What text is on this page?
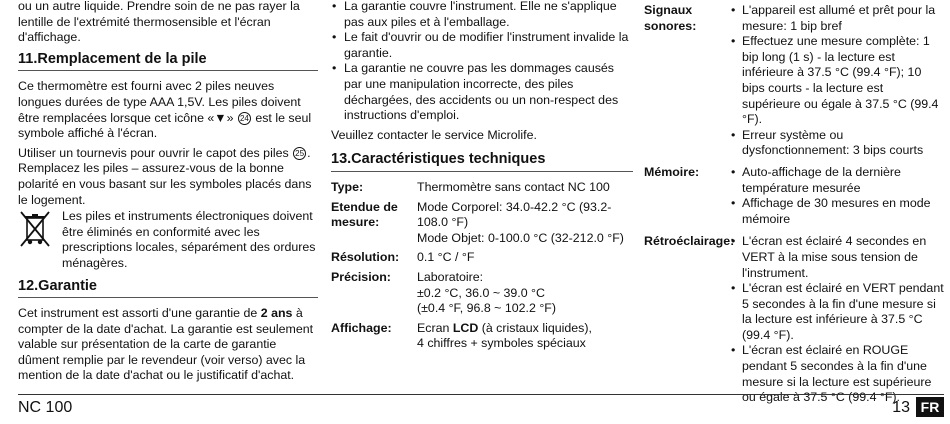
ou un autre liquide. Prendre soin de ne pas rayer la lentille de l'extrémité thermosensible et l'écran d'affichage.

11.Remplacement de la pile

Ce thermomètre est fourni avec 2 piles neuves longues durées de type AAA 1,5V. Les piles doivent être remplacées lorsque cet icône «▼» 24 est le seul symbole affiché à l'écran.

Utiliser un tournevis pour ouvrir le capot des piles 25 .

Remplacez les piles – assurez-vous de la bonne polarité en vous basant sur les symboles placés dans le logement.

Les piles et instruments électroniques doivent être éliminés en conformité avec les prescriptions locales, séparément des ordures ménagères.

12.Garantie

Cet instrument est assorti d'une garantie de 2 ans à compter de la date d'achat. La garantie est seulement valable sur présentation de la carte de garantie dûment remplie par le revendeur (voir verso) avec la mention de la date d'achat ou le justificatif d'achat.

• La garantie couvre l'instrument. Elle ne s'applique pas aux piles et à l'emballage.
• Le fait d'ouvrir ou de modifier l'instrument invalide la garantie.
• La garantie ne couvre pas les dommages causés par une manipulation incorrecte, des piles déchargées, des accidents ou un non-respect des instructions d'emploi.

Veuillez contacter le service Microlife.

13.Caractéristiques techniques
Type:	Thermomètre sans contact NC 100
Etendue de mesure:
Mode Corporel: 34.0-42.2 °C (93.2-108.0 °F)
Mode Objet: 0-100.0 °C (32-212.0 °F)
Résolution:	0.1 °C / °F
Précision:	Laboratoire:
±0.2 °C, 36.0 ~ 39.0 °C
(±0.4 °F, 96.8 ~ 102.2 °F)
Affichage:	Ecran LCD (à cristaux liquides),
4 chiffres + symboles spéciaux
Signaux sonores:
• L'appareil est allumé et prêt pour la mesure: 1 bip bref
• Effectuez une mesure complète: 1 bip long (1 s) - la lecture est inférieure à 37.5 °C (99.4 °F); 10 bips courts - la lecture est supérieure ou égale à 37.5 °C (99.4 °F).
• Erreur système ou dysfonctionnement: 3 bips courts
Mémoire:	• Auto-affichage de la dernière température mesurée
• Affichage de 30 mesures en mode mémoire
Rétroéclairage: • L'écran est éclairé 4 secondes en VERT à la mise sous tension de l'instrument.
• L'écran est éclairé en VERT pendant 5 secondes à la fin d'une mesure si la lecture est inférieure à 37.5 °C (99.4 °F).
• L'écran est éclairé en ROUGE pendant 5 secondes à la fin d'une mesure si la lecture est supérieure ou égale à 37.5 °C (99.4 °F).
NC 100	13 FR
